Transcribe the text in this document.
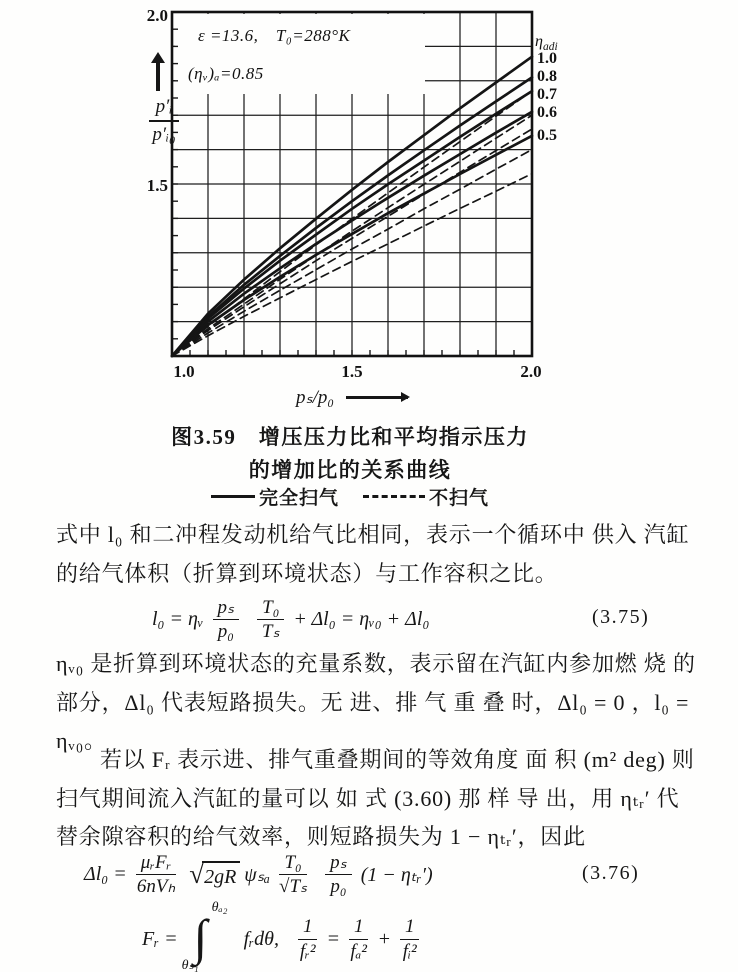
ε =13.6,　T₀=288°K
(ηᵥ)ₐ=0.85
2.0
1.5
1.0	1.5	2.0
$\eta_{adi}$
1.0
0.8
0.7
0.6
0.5
$\frac{\text{p′ᵢ}}{\text{p′ᵢ₀}}$
pₛ/p₀
图3.59  增压压力比和平均指示压力
的增加比的关系曲线
完全扫气	不扫气
式中 l₀ 和二冲程发动机给气比相同，表示一个循环中 供入 汽缸
的给气体积（折算到环境状态）与工作容积之比。
l₀ = ηᵥ $\frac{\text{pₛ}}{\text{p₀}} \frac{\text{T₀}}{\text{Tₛ}} + \Delta l_0$ = ηᵥ₀ + Δl₀	(3.75)
ηᵥ₀ 是折算到环境状态的充量系数，表示留在汽缸内参加燃 烧 的
部分，Δl₀ 代表短路损失。无 进、排 气 重 叠 时，Δl₀ = 0 ，l₀ =
ηᵥ₀。
若以 Fᵣ 表示进、排气重叠期间的等效角度 面 积 (m² deg) 则
扫气期间流入汽缸的量可以 如 式 (3.60) 那 样 导 出，用 ηₜᵣ′ 代
替余隙容积的给气效率，则短路损失为 1 − ηₜᵣ′，因此
$\Delta l_0 = \frac{\text{μᵣFᵣ}}{\text{6nVₕ}}$ √ 2gR ψₛₐ $\frac{\text{T₀}}{\text{√Tₛ}} \frac{\text{pₛ}}{\text{p₀}} (1$ − ηₜᵣ′)	(3.76)
Fᵣ = ∫
θₐ₂
θₛ₁
fᵣdθ, $\frac{1}{\text{fᵣ²}} = \frac{1}{\text{fₐ²}} + \frac{1}{\text{fᵢ²}}$
